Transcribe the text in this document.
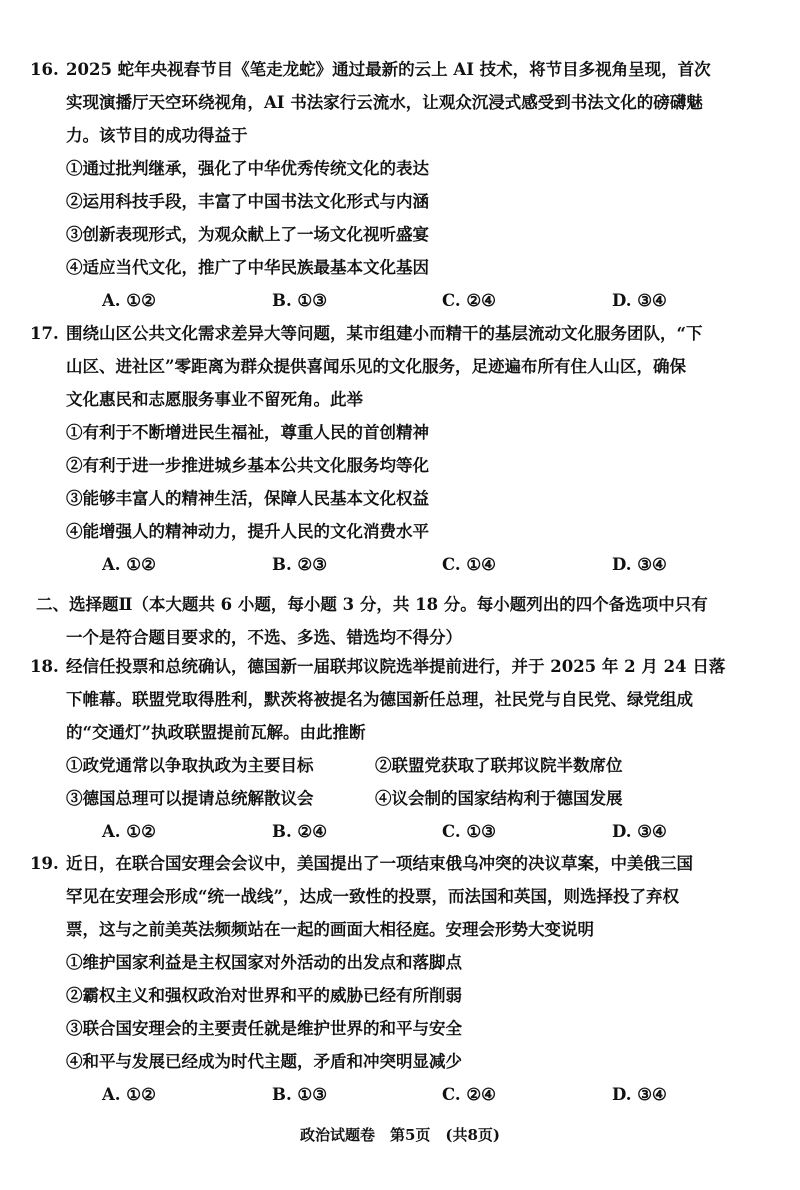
16. 2025 蛇年央视春节目《笔走龙蛇》通过最新的云上 AI 技术，将节目多视角呈现，首次
实现演播厅天空环绕视角，AI 书法家行云流水，让观众沉浸式感受到书法文化的磅礴魅
力。该节目的成功得益于
①通过批判继承，强化了中华优秀传统文化的表达
②运用科技手段，丰富了中国书法文化形式与内涵
③创新表现形式，为观众献上了一场文化视听盛宴
④适应当代文化，推广了中华民族最基本文化基因
A. ①②	B. ①③	C. ②④	D. ③④
17. 围绕山区公共文化需求差异大等问题，某市组建小而精干的基层流动文化服务团队，“下
山区、进社区”零距离为群众提供喜闻乐见的文化服务，足迹遍布所有住人山区，确保
文化惠民和志愿服务事业不留死角。此举
①有利于不断增进民生福祉，尊重人民的首创精神
②有利于进一步推进城乡基本公共文化服务均等化
③能够丰富人的精神生活，保障人民基本文化权益
④能增强人的精神动力，提升人民的文化消费水平
A. ①②	B. ②③	C. ①④	D. ③④
二、选择题Ⅱ（本大题共 6 小题，每小题 3 分，共 18 分。每小题列出的四个备选项中只有
一个是符合题目要求的，不选、多选、错选均不得分）
18. 经信任投票和总统确认，德国新一届联邦议院选举提前进行，并于 2025 年 2 月 24 日落
下帷幕。联盟党取得胜利，默茨将被提名为德国新任总理，社民党与自民党、绿党组成
的“交通灯”执政联盟提前瓦解。由此推断
①政党通常以争取执政为主要目标	②联盟党获取了联邦议院半数席位
③德国总理可以提请总统解散议会	④议会制的国家结构利于德国发展
A. ①②	B. ②④	C. ①③	D. ③④
19. 近日，在联合国安理会会议中，美国提出了一项结束俄乌冲突的决议草案，中美俄三国
罕见在安理会形成“统一战线”，达成一致性的投票，而法国和英国，则选择投了弃权
票，这与之前美英法频频站在一起的画面大相径庭。安理会形势大变说明
①维护国家利益是主权国家对外活动的出发点和落脚点
②霸权主义和强权政治对世界和平的威胁已经有所削弱
③联合国安理会的主要责任就是维护世界的和平与安全
④和平与发展已经成为时代主题，矛盾和冲突明显减少
A. ①②	B. ①③	C. ②④	D. ③④
政治试题卷　第5页　(共8页)
